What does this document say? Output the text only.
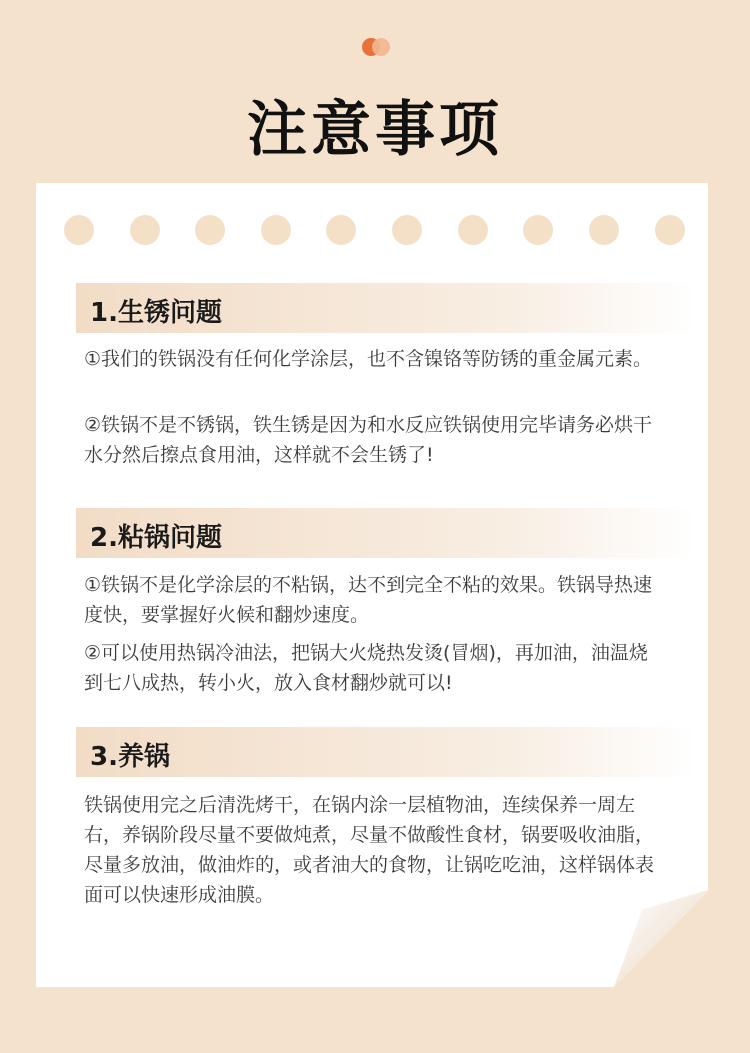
注意事项
1.生锈问题

①我们的铁锅没有任何化学涂层，也不含镍铬等防锈的重金属元素。

②铁锅不是不锈锅，铁生锈是因为和水反应铁锅使用完毕请务必烘干水分然后擦点食用油，这样就不会生锈了!

2.粘锅问题

①铁锅不是化学涂层的不粘锅，达不到完全不粘的效果。铁锅导热速度快，要掌握好火候和翻炒速度。

②可以使用热锅冷油法，把锅大火烧热发烫(冒烟)，再加油，油温烧到七八成热，转小火，放入食材翻炒就可以!

3.养锅

铁锅使用完之后清洗烤干，在锅内涂一层植物油，连续保养一周左右，养锅阶段尽量不要做炖煮，尽量不做酸性食材，锅要吸收油脂，尽量多放油，做油炸的，或者油大的食物，让锅吃吃油，这样锅体表面可以快速形成油膜。
